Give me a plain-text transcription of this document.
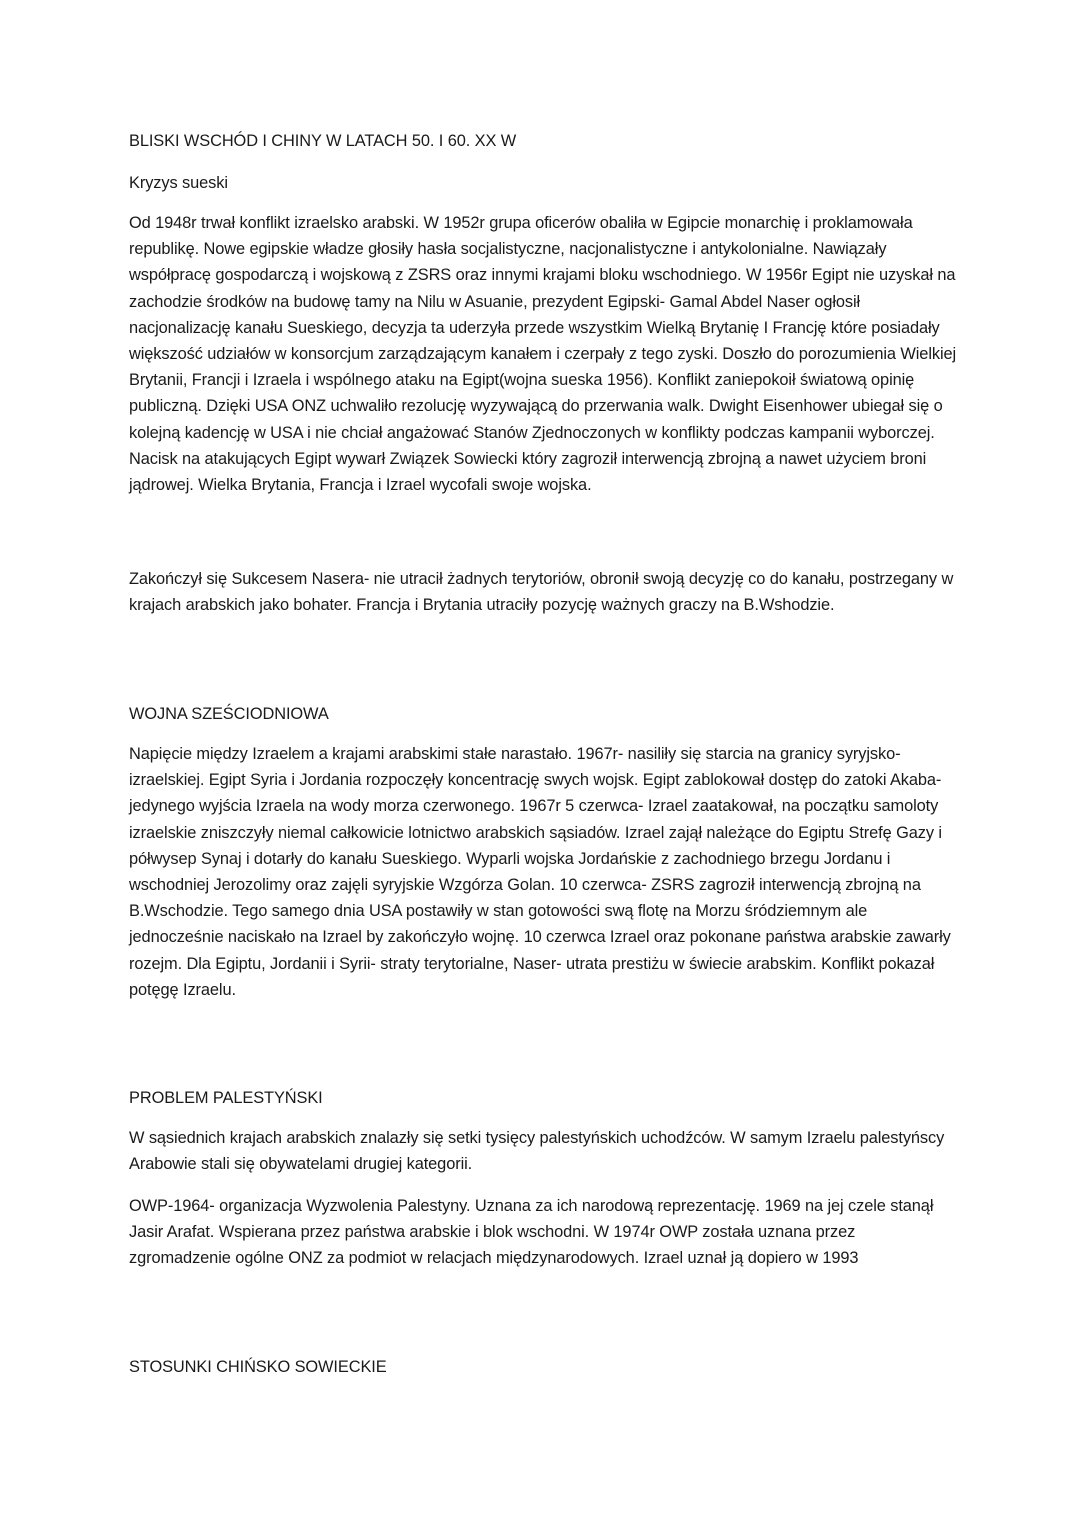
BLISKI WSCHÓD I CHINY W LATACH 50. I 60. XX W

Kryzys sueski

Od 1948r trwał konflikt izraelsko arabski. W 1952r grupa oficerów obaliła w Egipcie monarchię i proklamowała republikę. Nowe egipskie władze głosiły hasła socjalistyczne, nacjonalistyczne i antykolonialne. Nawiązały współpracę gospodarczą i wojskową z ZSRS oraz innymi krajami bloku wschodniego. W 1956r Egipt nie uzyskał na zachodzie środków na budowę tamy na Nilu w Asuanie, prezydent Egipski- Gamal Abdel Naser ogłosił nacjonalizację kanału Sueskiego, decyzja ta uderzyła przede wszystkim Wielką Brytanię I Francję które posiadały większość udziałów w konsorcjum zarządzającym kanałem i czerpały z tego zyski. Doszło do porozumienia Wielkiej Brytanii, Francji i Izraela i wspólnego ataku na Egipt(wojna sueska 1956). Konflikt zaniepokoił światową opinię publiczną. Dzięki USA ONZ uchwaliło rezolucję wyzywającą do przerwania walk. Dwight Eisenhower ubiegał się o kolejną kadencję w USA i nie chciał angażować Stanów Zjednoczonych w konflikty podczas kampanii wyborczej. Nacisk na atakujących Egipt wywarł Związek Sowiecki który zagroził interwencją zbrojną a nawet użyciem broni jądrowej. Wielka Brytania, Francja i Izrael wycofali swoje wojska.

Zakończył się Sukcesem Nasera- nie utracił żadnych terytoriów, obronił swoją decyzję co do kanału, postrzegany w krajach arabskich jako bohater. Francja i Brytania utraciły pozycję ważnych graczy na B.Wshodzie.

WOJNA SZEŚCIODNIOWA

Napięcie między Izraelem a krajami arabskimi stałe narastało. 1967r- nasiliły się starcia na granicy syryjsko-izraelskiej. Egipt Syria i Jordania rozpoczęły koncentrację swych wojsk. Egipt zablokował dostęp do zatoki Akaba- jedynego wyjścia Izraela na wody morza czerwonego. 1967r 5 czerwca- Izrael zaatakował, na początku samoloty izraelskie zniszczyły niemal całkowicie lotnictwo arabskich sąsiadów. Izrael zajął należące do Egiptu Strefę Gazy i półwysep Synaj i dotarły do kanału Sueskiego. Wyparli wojska Jordańskie z zachodniego brzegu Jordanu i wschodniej Jerozolimy oraz zajęli syryjskie Wzgórza Golan. 10 czerwca- ZSRS zagroził interwencją zbrojną na B.Wschodzie. Tego samego dnia USA postawiły w stan gotowości swą flotę na Morzu śródziemnym ale jednocześnie naciskało na Izrael by zakończyło wojnę. 10 czerwca Izrael oraz pokonane państwa arabskie zawarły rozejm. Dla Egiptu, Jordanii i Syrii- straty terytorialne, Naser- utrata prestiżu w świecie arabskim. Konflikt pokazał potęgę Izraelu.

PROBLEM PALESTYŃSKI

W sąsiednich krajach arabskich znalazły się setki tysięcy palestyńskich uchodźców. W samym Izraelu palestyńscy Arabowie stali się obywatelami drugiej kategorii.

OWP-1964- organizacja Wyzwolenia Palestyny. Uznana za ich narodową reprezentację. 1969 na jej czele stanął Jasir Arafat. Wspierana przez państwa arabskie i blok wschodni. W 1974r OWP została uznana przez zgromadzenie ogólne ONZ za podmiot w relacjach międzynarodowych. Izrael uznał ją dopiero w 1993

STOSUNKI CHIŃSKO SOWIECKIE
